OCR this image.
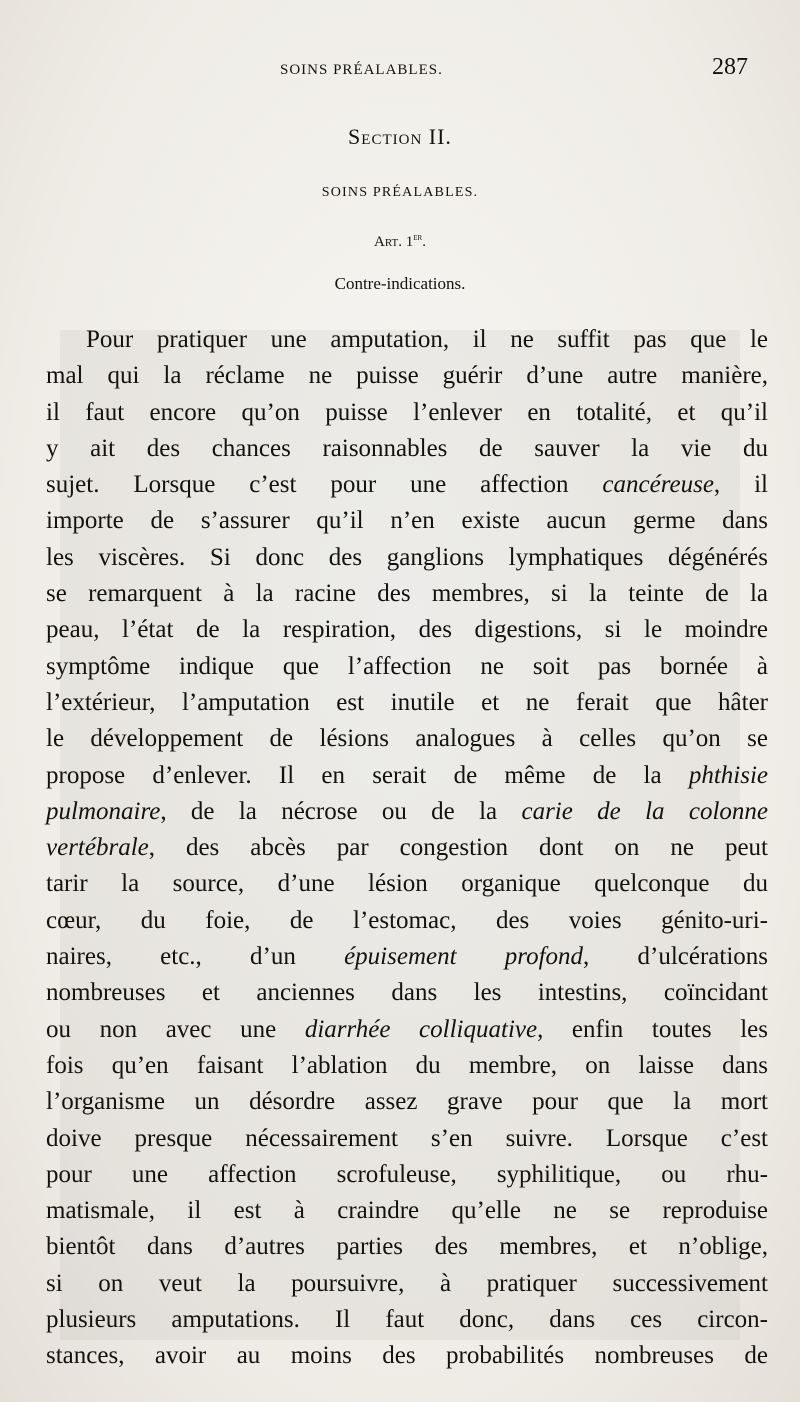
SOINS PRÉALABLES.	287
Section II.
SOINS PRÉALABLES.
Art. 1er.
Contre-indications.
Pour pratiquer une amputation, il ne suffit pas que le
mal qui la réclame ne puisse guérir d’une autre manière,
il faut encore qu’on puisse l’enlever en totalité, et qu’il
y ait des chances raisonnables de sauver la vie du
sujet. Lorsque c’est pour une affection cancéreuse, il
importe de s’assurer qu’il n’en existe aucun germe dans
les viscères. Si donc des ganglions lymphatiques dégénérés
se remarquent à la racine des membres, si la teinte de la
peau, l’état de la respiration, des digestions, si le moindre
symptôme indique que l’affection ne soit pas bornée à
l’extérieur, l’amputation est inutile et ne ferait que hâter
le développement de lésions analogues à celles qu’on se
propose d’enlever. Il en serait de même de la phthisie
pulmonaire, de la nécrose ou de la carie de la colonne
vertébrale, des abcès par congestion dont on ne peut
tarir la source, d’une lésion organique quelconque du
cœur, du foie, de l’estomac, des voies génito-uri-
naires, etc., d’un épuisement profond, d’ulcérations
nombreuses et anciennes dans les intestins, coïncidant
ou non avec une diarrhée colliquative, enfin toutes les
fois qu’en faisant l’ablation du membre, on laisse dans
l’organisme un désordre assez grave pour que la mort
doive presque nécessairement s’en suivre. Lorsque c’est
pour une affection scrofuleuse, syphilitique, ou rhu-
matismale, il est à craindre qu’elle ne se reproduise
bientôt dans d’autres parties des membres, et n’oblige,
si on veut la poursuivre, à pratiquer successivement
plusieurs amputations. Il faut donc, dans ces circon-
stances, avoir au moins des probabilités nombreuses de
